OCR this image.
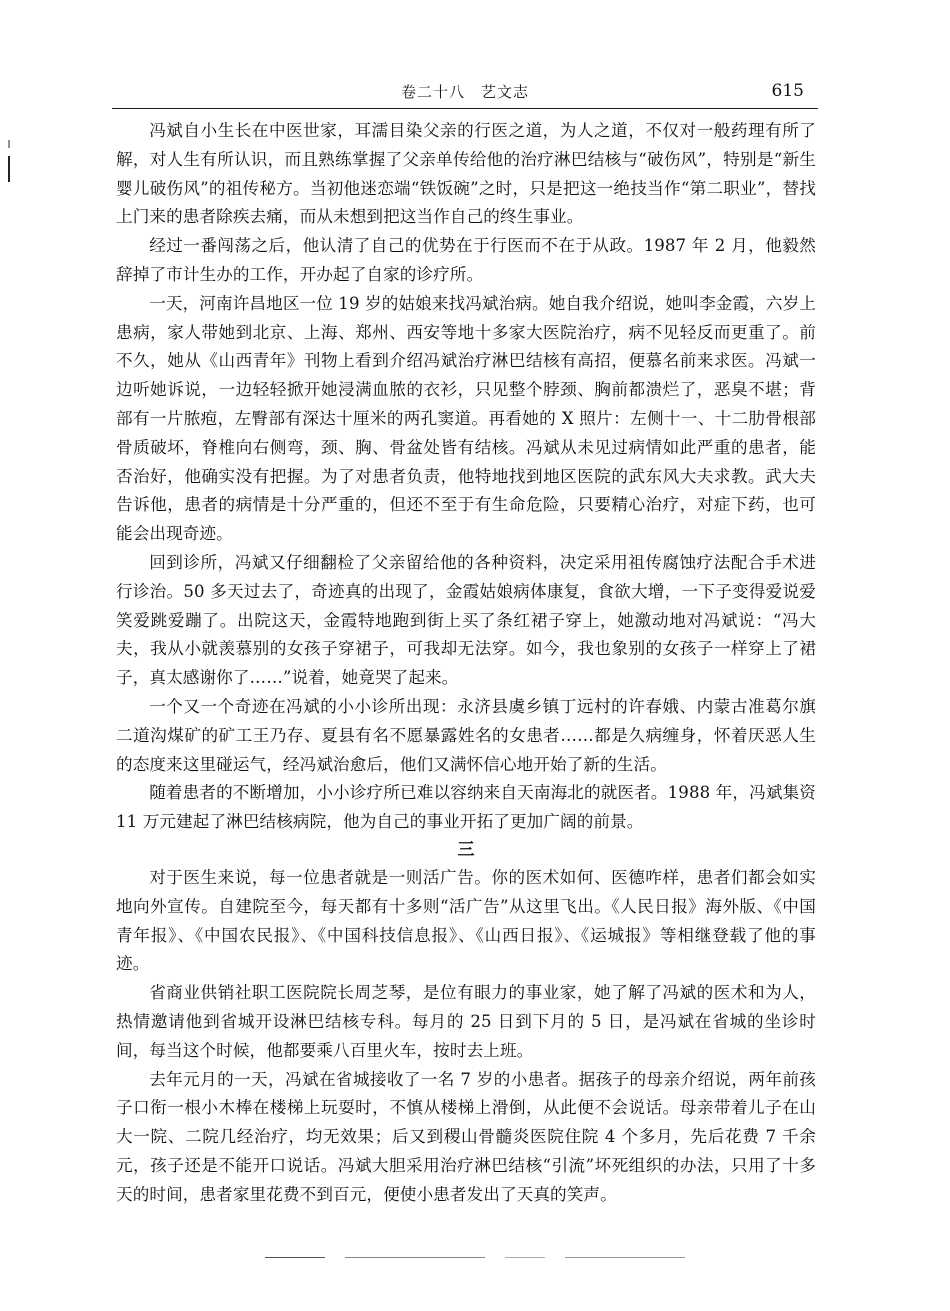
卷二十八　艺文志	615

冯斌自小生长在中医世家，耳濡目染父亲的行医之道，为人之道，不仅对一般药理有所了解，对人生有所认识，而且熟练掌握了父亲单传给他的治疗淋巴结核与“破伤风”，特别是“新生婴儿破伤风”的祖传秘方。当初他迷恋端“铁饭碗”之时，只是把这一绝技当作“第二职业”，替找上门来的患者除疾去痛，而从未想到把这当作自己的终生事业。

经过一番闯荡之后，他认清了自己的优势在于行医而不在于从政。1987 年 2 月，他毅然辞掉了市计生办的工作，开办起了自家的诊疗所。

一天，河南许昌地区一位 19 岁的姑娘来找冯斌治病。她自我介绍说，她叫李金霞，六岁上患病，家人带她到北京、上海、郑州、西安等地十多家大医院治疗，病不见轻反而更重了。前不久，她从《山西青年》刊物上看到介绍冯斌治疗淋巴结核有高招，便慕名前来求医。冯斌一边听她诉说，一边轻轻掀开她浸满血脓的衣衫，只见整个脖颈、胸前都溃烂了，恶臭不堪；背部有一片脓疱，左臀部有深达十厘米的两孔窦道。再看她的 X 照片：左侧十一、十二肋骨根部骨质破坏，脊椎向右侧弯，颈、胸、骨盆处皆有结核。冯斌从未见过病情如此严重的患者，能否治好，他确实没有把握。为了对患者负责，他特地找到地区医院的武东风大夫求教。武大夫告诉他，患者的病情是十分严重的，但还不至于有生命危险，只要精心治疗，对症下药，也可能会出现奇迹。

回到诊所，冯斌又仔细翻检了父亲留给他的各种资料，决定采用祖传腐蚀疗法配合手术进行诊治。50 多天过去了，奇迹真的出现了，金霞姑娘病体康复，食欲大增，一下子变得爱说爱笑爱跳爱蹦了。出院这天，金霞特地跑到街上买了条红裙子穿上，她激动地对冯斌说：“冯大夫，我从小就羡慕别的女孩子穿裙子，可我却无法穿。如今，我也象别的女孩子一样穿上了裙子，真太感谢你了……”说着，她竟哭了起来。

一个又一个奇迹在冯斌的小小诊所出现：永济县虞乡镇丁远村的许春娥、内蒙古准葛尔旗二道沟煤矿的矿工王乃存、夏县有名不愿暴露姓名的女患者……都是久病缠身，怀着厌恶人生的态度来这里碰运气，经冯斌治愈后，他们又满怀信心地开始了新的生活。

随着患者的不断增加，小小诊疗所已难以容纳来自天南海北的就医者。1988 年，冯斌集资 11 万元建起了淋巴结核病院，他为自己的事业开拓了更加广阔的前景。

三

对于医生来说，每一位患者就是一则活广告。你的医术如何、医德咋样，患者们都会如实地向外宣传。自建院至今，每天都有十多则“活广告”从这里飞出。《人民日报》海外版、《中国青年报》、《中国农民报》、《中国科技信息报》、《山西日报》、《运城报》等相继登载了他的事迹。

省商业供销社职工医院院长周芝琴，是位有眼力的事业家，她了解了冯斌的医术和为人，热情邀请他到省城开设淋巴结核专科。每月的 25 日到下月的 5 日，是冯斌在省城的坐诊时间，每当这个时候，他都要乘八百里火车，按时去上班。

去年元月的一天，冯斌在省城接收了一名 7 岁的小患者。据孩子的母亲介绍说，两年前孩子口衔一根小木棒在楼梯上玩耍时，不慎从楼梯上滑倒，从此便不会说话。母亲带着儿子在山大一院、二院几经治疗，均无效果；后又到稷山骨髓炎医院住院 4 个多月，先后花费 7 千余元，孩子还是不能开口说话。冯斌大胆采用治疗淋巴结核“引流”坏死组织的办法，只用了十多天的时间，患者家里花费不到百元，便使小患者发出了天真的笑声。
